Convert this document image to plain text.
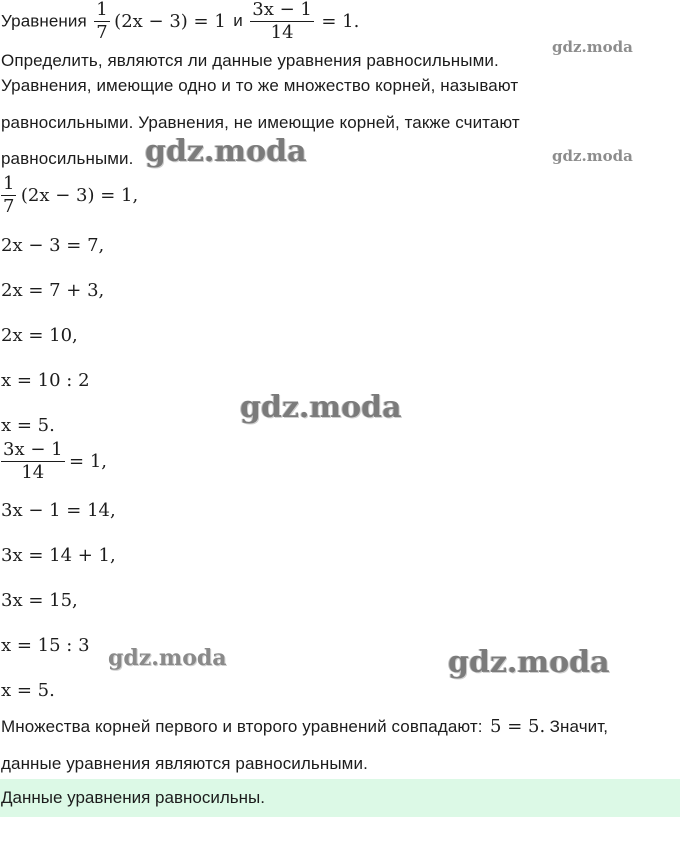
Уравнения $\frac{1}{7} (2x - 3) = 1$ и $\frac{3x - 1}{14} = 1$.
Определить, являются ли данные уравнения равносильными.
Уравнения, имеющие одно и то же множество корней, называют
равносильными. Уравнения, не имеющие корней, также считают
равносильными.
$\frac{1}{7} (2x - 3) = 1$,
2x − 3 = 7,
2x = 7 + 3,
2x = 10,
x = 10 : 2
x = 5.
$\frac{3x - 1}{14} = 1$,
3x − 1 = 14,
3x = 14 + 1,
3x = 15,
x = 15 : 3
x = 5.
Множества корней первого и второго уравнений совпадают: 5 = 5. Значит,
данные уравнения являются равносильными.
Данные уравнения равносильны.
gdz.moda
gdz.moda	gdz.moda
gdz.moda
gdz.moda	gdz.moda
